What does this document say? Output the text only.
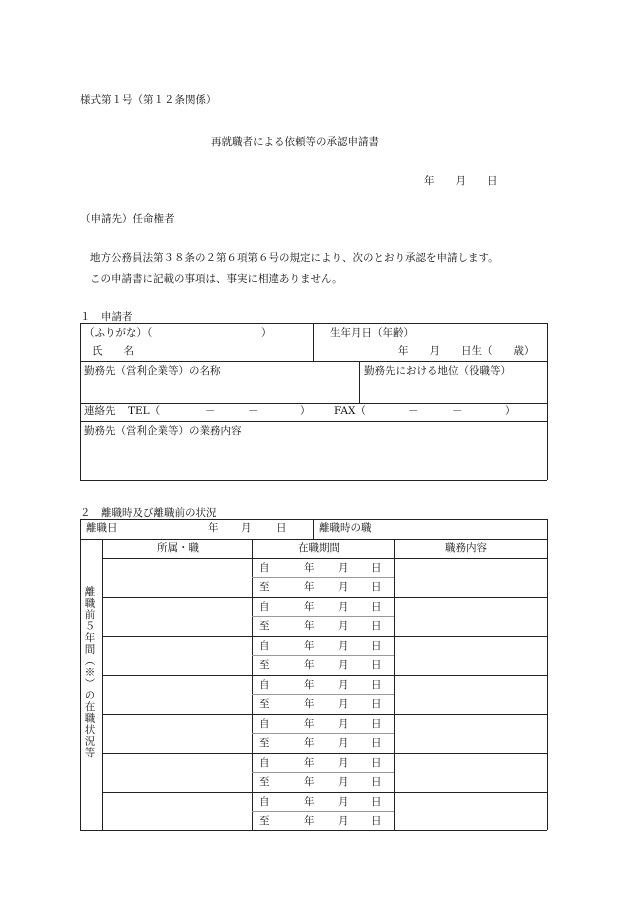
様式第１号（第１２条関係）
再就職者による依頼等の承認申請書
年　　月　　日
（申請先）任命権者
地方公務員法第３８条の２第６項第６号の規定により、次のとおり承認を申請します。
この申請書に記載の事項は、事実に相違ありません。
１　申請者
（ふりがな）（	）
氏　　名
生年月日（年齢）
年　　月　　日生（　　歳）
勤務先（営利企業等）の名称	勤務先における地位（役職等）
連絡先 TEL（	－	－	） FAX（	－	－	）
勤務先（営利企業等）の業務内容
２　離職時及び離職前の状況
離職日	年 月 日	離職時の職
所属・職	在職期間	職務内容
離職前５年間（※）の在職状況等
自	年 月 日
至	年 月 日
自	年 月 日
至	年 月 日
自	年 月 日
至	年 月 日
自	年 月 日
至	年 月 日
自	年 月 日
至	年 月 日
自	年 月 日
至	年 月 日
自	年 月 日
至	年 月 日
